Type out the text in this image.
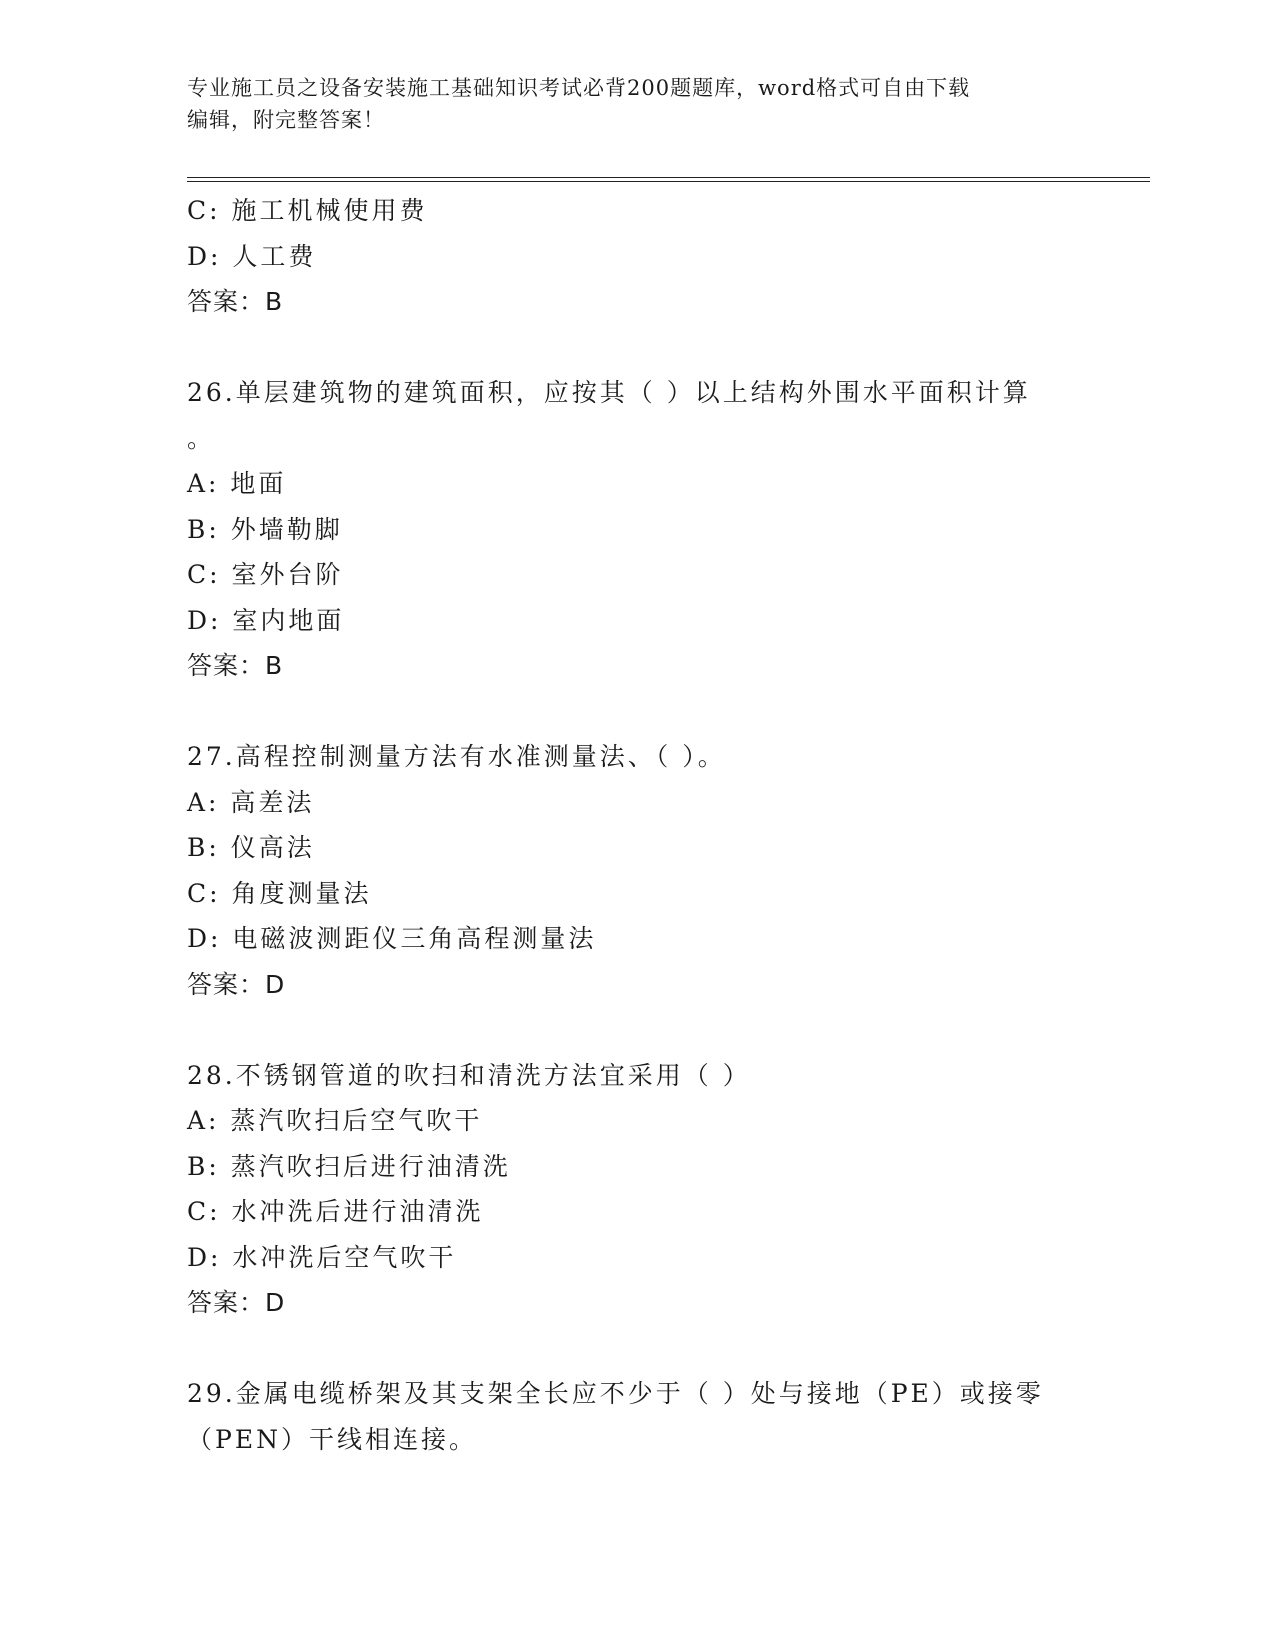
专业施工员之设备安装施工基础知识考试必背200题题库，word格式可自由下载
编辑，附完整答案！

C: 施工机械使用费

D: 人工费

答案：B

26.单层建筑物的建筑面积，应按其（ ）以上结构外围水平面积计算

。

A: 地面

B: 外墙勒脚

C: 室外台阶

D: 室内地面

答案：B

27.高程控制测量方法有水准测量法、（ ）。

A: 高差法

B: 仪高法

C: 角度测量法

D: 电磁波测距仪三角高程测量法

答案：D

28.不锈钢管道的吹扫和清洗方法宜采用（ ）

A: 蒸汽吹扫后空气吹干

B: 蒸汽吹扫后进行油清洗

C: 水冲洗后进行油清洗

D: 水冲洗后空气吹干

答案：D

29.金属电缆桥架及其支架全长应不少于（ ）处与接地（PE）或接零

（PEN）干线相连接。
